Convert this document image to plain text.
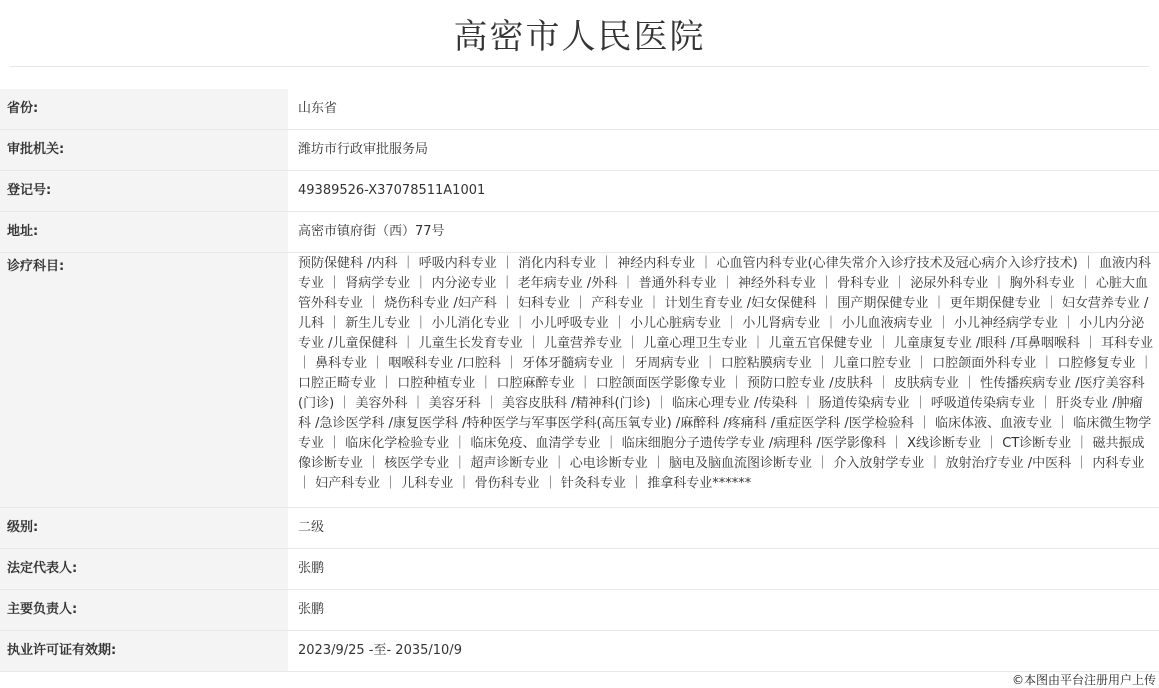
高密市人民医院
省份:	山东省
审批机关:	潍坊市行政审批服务局
登记号:	49389526-X37078511A1001
地址:	高密市镇府街（西）77号
诊疗科目:	预防保健科 /内科 ｜ 呼吸内科专业 ｜ 消化内科专业 ｜ 神经内科专业 ｜ 心血管内科专业(心律失常介入诊疗技术及冠心病介入诊疗技术) ｜ 血液内科专业 ｜ 肾病学专业 ｜ 内分泌专业 ｜ 老年病专业 /外科 ｜ 普通外科专业 ｜ 神经外科专业 ｜ 骨科专业 ｜ 泌尿外科专业 ｜ 胸外科专业 ｜ 心脏大血管外科专业 ｜ 烧伤科专业 /妇产科 ｜ 妇科专业 ｜ 产科专业 ｜ 计划生育专业 /妇女保健科 ｜ 围产期保健专业 ｜ 更年期保健专业 ｜ 妇女营养专业 /儿科 ｜ 新生儿专业 ｜ 小儿消化专业 ｜ 小儿呼吸专业 ｜ 小儿心脏病专业 ｜ 小儿肾病专业 ｜ 小儿血液病专业 ｜ 小儿神经病学专业 ｜ 小儿内分泌专业 /儿童保健科 ｜ 儿童生长发育专业 ｜ 儿童营养专业 ｜ 儿童心理卫生专业 ｜ 儿童五官保健专业 ｜ 儿童康复专业 /眼科 /耳鼻咽喉科 ｜ 耳科专业 ｜ 鼻科专业 ｜ 咽喉科专业 /口腔科 ｜ 牙体牙髓病专业 ｜ 牙周病专业 ｜ 口腔粘膜病专业 ｜ 儿童口腔专业 ｜ 口腔颌面外科专业 ｜ 口腔修复专业 ｜ 口腔正畸专业 ｜ 口腔种植专业 ｜ 口腔麻醉专业 ｜ 口腔颌面医学影像专业 ｜ 预防口腔专业 /皮肤科 ｜ 皮肤病专业 ｜ 性传播疾病专业 /医疗美容科(门诊) ｜ 美容外科 ｜ 美容牙科 ｜ 美容皮肤科 /精神科(门诊) ｜ 临床心理专业 /传染科 ｜ 肠道传染病专业 ｜ 呼吸道传染病专业 ｜ 肝炎专业 /肿瘤科 /急诊医学科 /康复医学科 /特种医学与军事医学科(高压氧专业) /麻醉科 /疼痛科 /重症医学科 /医学检验科 ｜ 临床体液、血液专业 ｜ 临床微生物学专业 ｜ 临床化学检验专业 ｜ 临床免疫、血清学专业 ｜ 临床细胞分子遗传学专业 /病理科 /医学影像科 ｜ X线诊断专业 ｜ CT诊断专业 ｜ 磁共振成像诊断专业 ｜ 核医学专业 ｜ 超声诊断专业 ｜ 心电诊断专业 ｜ 脑电及脑血流图诊断专业 ｜ 介入放射学专业 ｜ 放射治疗专业 /中医科 ｜ 内科专业 ｜ 妇产科专业 ｜ 儿科专业 ｜ 骨伤科专业 ｜ 针灸科专业 ｜ 推拿科专业******
级别:	二级
法定代表人:	张鹏
主要负责人:	张鹏
执业许可证有效期:	2023/9/25 -至- 2035/10/9
©本图由平台注册用户上传
